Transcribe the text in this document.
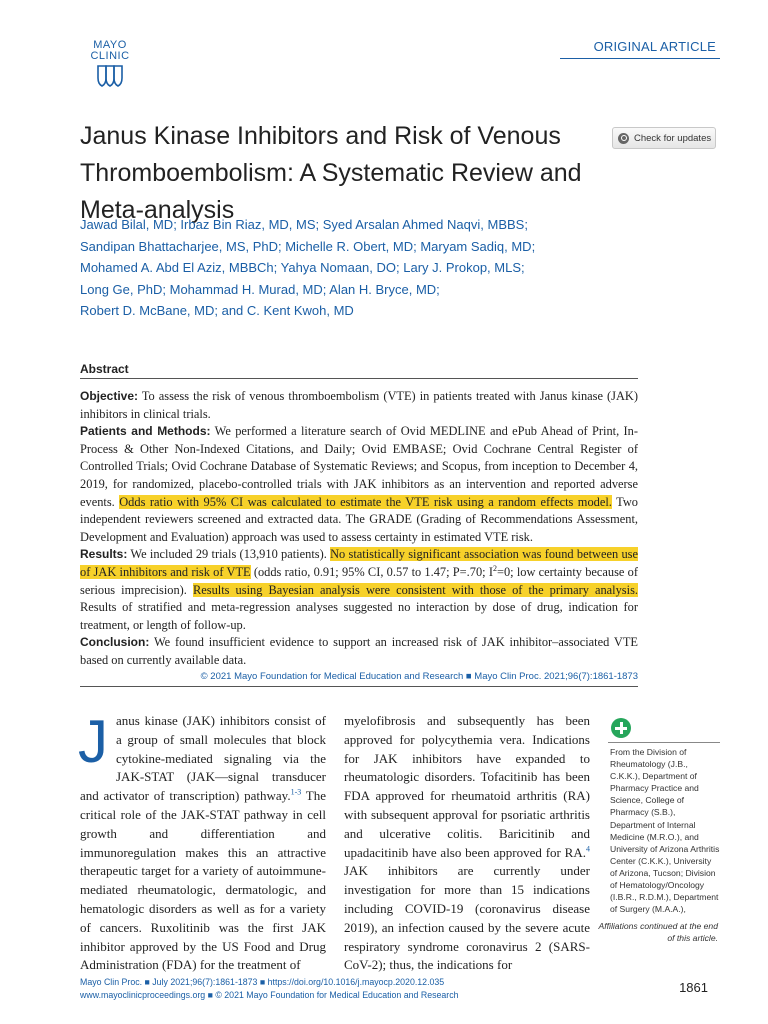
MAYO
CLINIC
ORIGINAL ARTICLE
Janus Kinase Inhibitors and Risk of Venous Thromboembolism: A Systematic Review and Meta-analysis
Check for updates
Jawad Bilal, MD; Irbaz Bin Riaz, MD, MS; Syed Arsalan Ahmed Naqvi, MBBS;
Sandipan Bhattacharjee, MS, PhD; Michelle R. Obert, MD; Maryam Sadiq, MD;
Mohamed A. Abd El Aziz, MBBCh; Yahya Nomaan, DO; Lary J. Prokop, MLS;
Long Ge, PhD; Mohammad H. Murad, MD; Alan H. Bryce, MD;
Robert D. McBane, MD; and C. Kent Kwoh, MD
Abstract

Objective: To assess the risk of venous thromboembolism (VTE) in patients treated with Janus kinase (JAK) inhibitors in clinical trials.

Patients and Methods: We performed a literature search of Ovid MEDLINE and ePub Ahead of Print, In-Process & Other Non-Indexed Citations, and Daily; Ovid EMBASE; Ovid Cochrane Central Register of Controlled Trials; Ovid Cochrane Database of Systematic Reviews; and Scopus, from inception to December 4, 2019, for randomized, placebo-controlled trials with JAK inhibitors as an intervention and reported adverse events. Odds ratio with 95% CI was calculated to estimate the VTE risk using a random effects model. Two independent reviewers screened and extracted data. The GRADE (Grading of Recommendations Assessment, Development and Evaluation) approach was used to assess certainty in estimated VTE risk.

Results: We included 29 trials (13,910 patients). No statistically significant association was found between use of JAK inhibitors and risk of VTE (odds ratio, 0.91; 95% CI, 0.57 to 1.47; P=.70; $I^2=0$; low certainty because of serious imprecision). Results using Bayesian analysis were consistent with those of the primary analysis. Results of stratified and meta-regression analyses suggested no interaction by dose of drug, indication for treatment, or length of follow-up.

Conclusion: We found insufficient evidence to support an increased risk of JAK inhibitor–associated VTE based on currently available data.

© 2021 Mayo Foundation for Medical Education and Research ■ Mayo Clin Proc. 2021;96(7):1861-1873

Janus kinase (JAK) inhibitors consist of a group of small molecules that block cytokine-mediated signaling via the JAK-STAT (JAK—signal transducer and activator of transcription) pathway.$^{1-3}$ The critical role of the JAK-STAT pathway in cell growth and differentiation and immunoregulation makes this an attractive therapeutic target for a variety of autoimmune-mediated rheumatologic, dermatologic, and hematologic disorders as well as for a variety of cancers. Ruxolitinib was the first JAK inhibitor approved by the US Food and Drug Administration (FDA) for the treatment of

myelofibrosis and subsequently has been approved for polycythemia vera. Indications for JAK inhibitors have expanded to rheumatologic disorders. Tofacitinib has been FDA approved for rheumatoid arthritis (RA) with subsequent approval for psoriatic arthritis and ulcerative colitis. Baricitinib and upadacitinib have also been approved for RA.$^4$ JAK inhibitors are currently under investigation for more than 15 indications including COVID-19 (coronavirus disease 2019), an infection caused by the severe acute respiratory syndrome coronavirus 2 (SARS-CoV-2); thus, the indications for

From the Division of Rheumatology (J.B., C.K.K.), Department of Pharmacy Practice and Science, College of Pharmacy (S.B.), Department of Internal Medicine (M.R.O.), and University of Arizona Arthritis Center (C.K.K.), University of Arizona, Tucson; Division of Hematology/Oncology (I.B.R., R.D.M.), Department of Surgery (M.A.A.),
Affiliations continued at the end of this article.
Mayo Clin Proc. ■ July 2021;96(7):1861-1873 ■ https://doi.org/10.1016/j.mayocp.2020.12.035
www.mayoclinicproceedings.org ■ © 2021 Mayo Foundation for Medical Education and Research	1861
